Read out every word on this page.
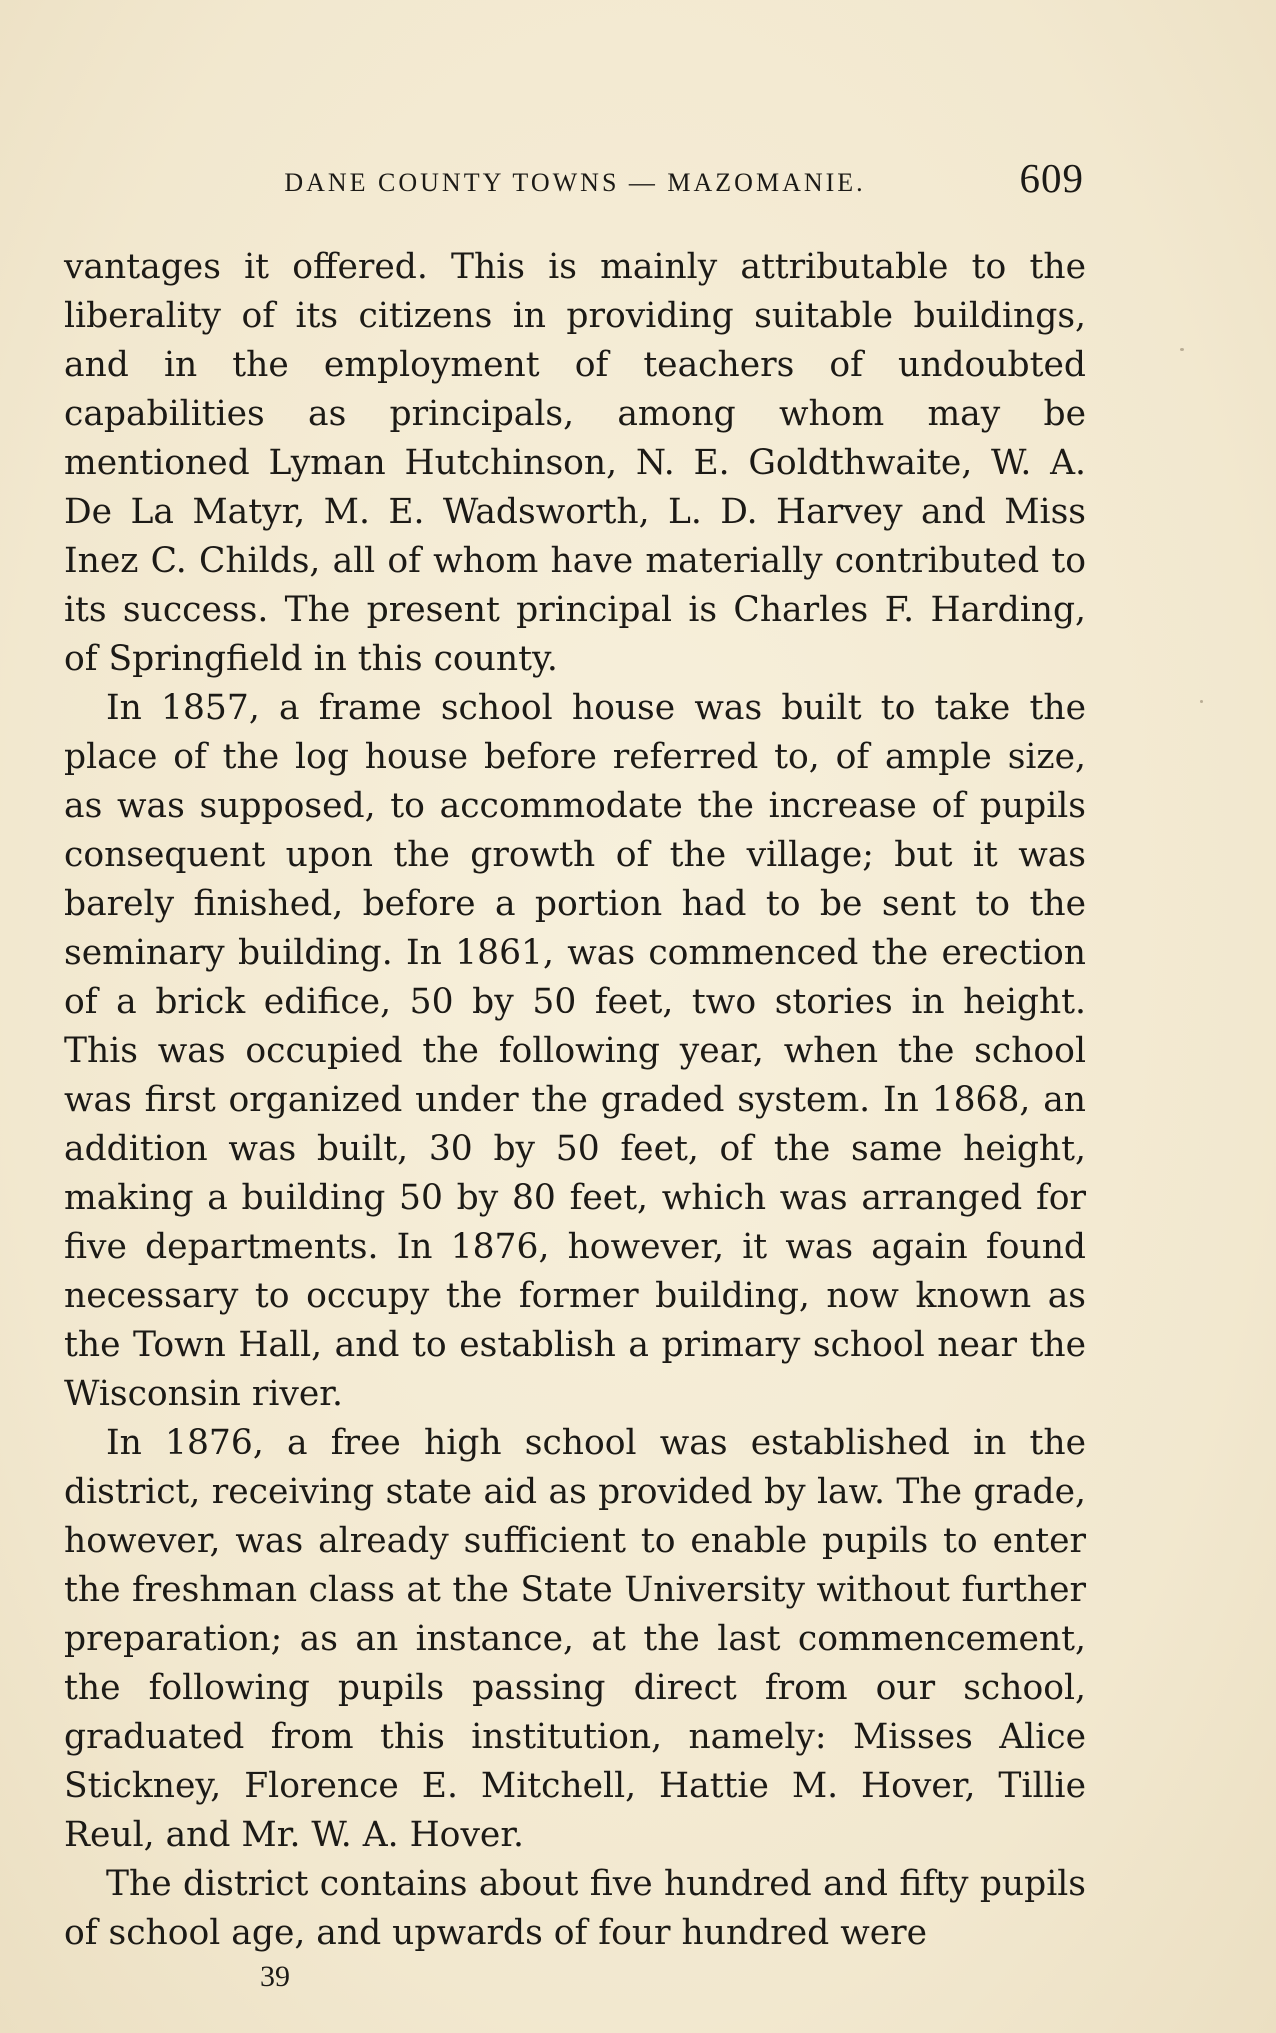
DANE COUNTY TOWNS — MAZOMANIE.	609

vantages it offered. This is mainly attributable to the liberality of its citizens in providing suitable buildings, and in the employment of teachers of undoubted capabilities as principals, among whom may be mentioned Lyman Hutchinson, N. E. Goldthwaite, W. A. De La Matyr, M. E. Wadsworth, L. D. Harvey and Miss Inez C. Childs, all of whom have materially contributed to its success. The present principal is Charles F. Harding, of Springfield in this county.

In 1857, a frame school house was built to take the place of the log house before referred to, of ample size, as was supposed, to accommodate the increase of pupils consequent upon the growth of the village; but it was barely finished, before a portion had to be sent to the seminary building. In 1861, was commenced the erection of a brick edifice, 50 by 50 feet, two stories in height. This was occupied the following year, when the school was first organized under the graded system. In 1868, an addition was built, 30 by 50 feet, of the same height, making a building 50 by 80 feet, which was arranged for five departments. In 1876, however, it was again found necessary to occupy the former building, now known as the Town Hall, and to establish a primary school near the Wisconsin river.

In 1876, a free high school was established in the district, receiving state aid as provided by law. The grade, however, was already sufficient to enable pupils to enter the freshman class at the State University without further preparation; as an instance, at the last commencement, the following pupils passing direct from our school, graduated from this institution, namely: Misses Alice Stickney, Florence E. Mitchell, Hattie M. Hover, Tillie Reul, and Mr. W. A. Hover.

The district contains about five hundred and fifty pupils of school age, and upwards of four hundred were

39
